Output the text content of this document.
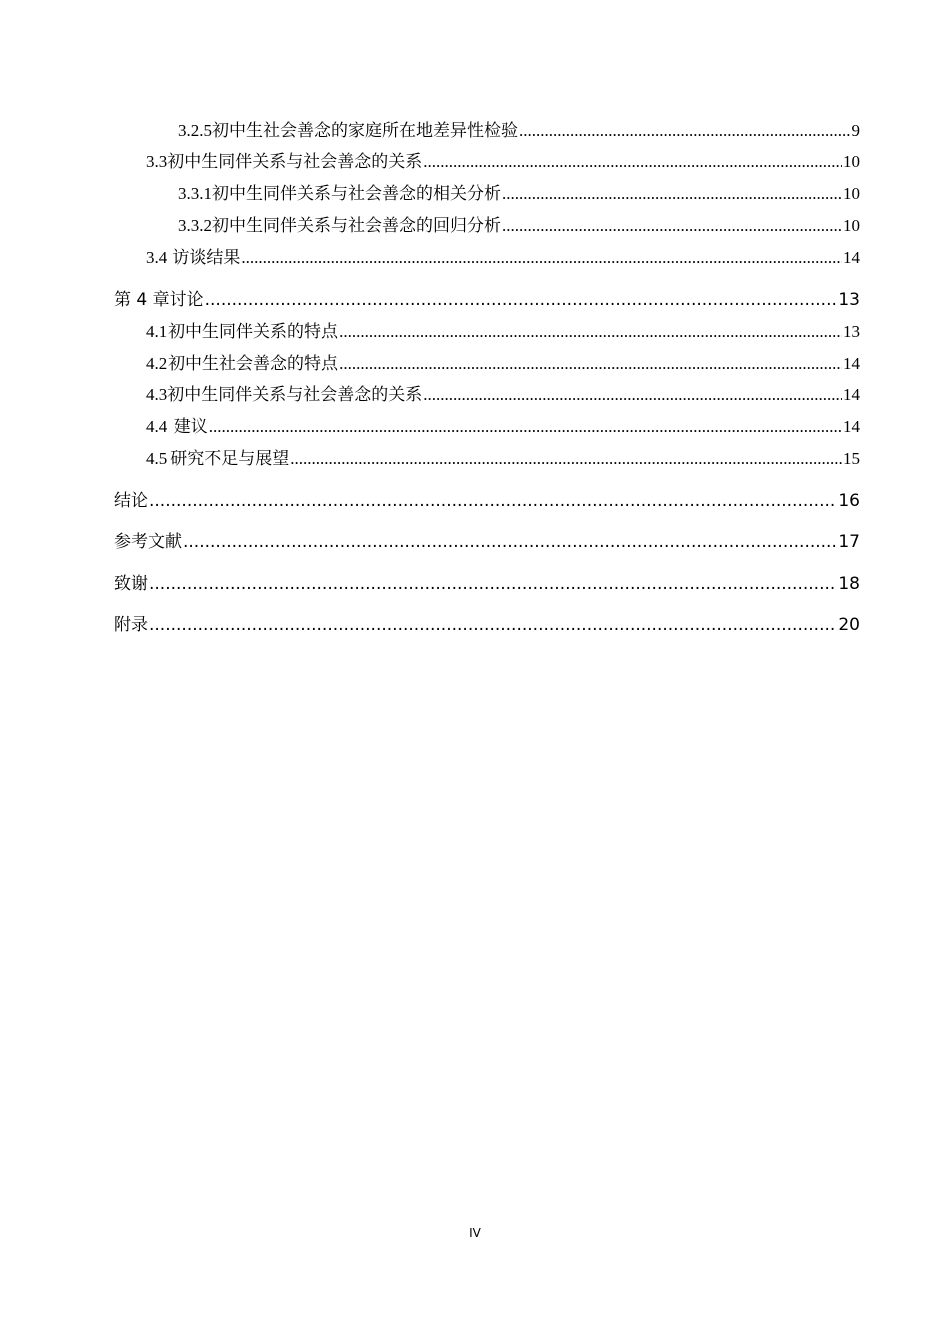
3.2.5 初中生社会善念的家庭所在地差异性检验 .....	9
3.3 初中生同伴关系与社会善念的关系 .....	10
3.3.1 初中生同伴关系与社会善念的相关分析 .....	10
3.3.2 初中生同伴关系与社会善念的回归分析 .....	10
3.4 访谈结果 .....	14
第 4 章 讨论 .....	13
4.1 初中生同伴关系的特点 .....	13
4.2 初中生社会善念的特点 .....	14
4.3 初中生同伴关系与社会善念的关系 .....	14
4.4 建议 .....	14
4.5 研究不足与展望 .....	15
结论 .....	16
参考文献 .....	17
致谢 .....	18
附录 .....	20
IV
